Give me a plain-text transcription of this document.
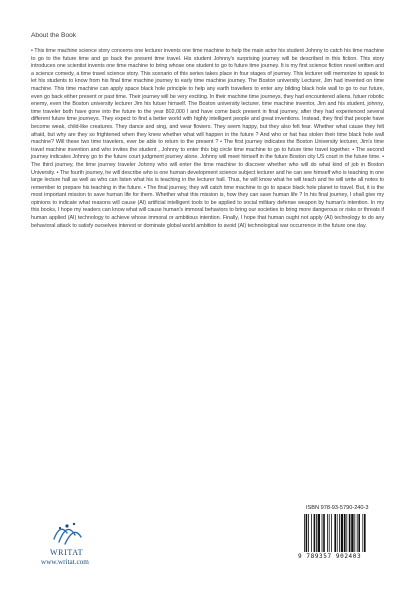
About the Book
• This time machine science story concerns one lecturer invents one time machine to help the main actor his student Johnny to catch his time machine to go to the future time and go back the present time travel. His student Johnny's surprising journey will be described in this fiction. This story introduces one scientist invents one time machine to bring whose one student to go to future time journey. It is my first science fiction novel written and a science comedy, a time travel science story. This scenario of this series takes place in four stages of journey. This lecturer will memorize to speak to let his students to know from his final time machine journey to early time machine journey. The Boston university Lecturer, Jim had invented on time machine. This time machine can apply space black hole principle to help any earth travellers to enter any bilding black hole wall to go to our future, even go back either present or past time. Their journey will be very exciting. In their machine time journeys, they had encountered aliens, futuer robotic enemy, even the Boston university lecturer Jim his futuer himself. The Boston university lecturer, time machine inventor, Jim and his student, johnny, time traveler both have gone into the future to the year 802,000 I and have come back present in final journey, after they had experienced several different future time journeys. They expect to find a better world with highly intelligent people and great inventions. Instead, they find that people have become weak, child-like creatures. They dance and sing, and wear flowers. They seem happy, but they also felt fear. Whether what cause they felt afraid, but why are they so frightened when they knew whether what will happen in the future ? And who or hat has stolen their time black hole wall machine? Will these two time travelers, ever be able to return to the present ? • The first journey indicates the Boston University lecturer, Jim's time travel machine invention and who invites the student , Johnny to enter this big circle time machine to go to future time travel together. • The second journey indicates Johnny go to the future court judgment journey alone. Johnny will meet himself in the future Boston city US court in the future time. • The third journey, the time journey traveler Johnny who will enter the time machine to discover whether who will do what kind of job in Boston University. • The fourth journey, he will describe who is one human development science subject lecturer and he can see himself who is teaching in one large lecture hall as well as who can listen what his is teaching in the lecturer hall. Thus, he will know what he will teach and he will write all notes to remember to prepare his teaching in the future. • The final journey, they will catch time machine to go to space black hole planet to travel. But, it is the most important mission to save human life for them. Whether what this mission is, how they can save human life ? In his final journey, I shall give my opinions to indicate what reasons will cause (AI) artificial intelligent tools to be applied to social military defense weapon by human's intention. In my this books, I hope my readers can know what will cause human's immoral behaviors to bring our societies to bring more dangerous or risks or threats if human applied (AI) technology to achieve whose immoral or ambitious intention. Finally, I hope that human ought not apply (AI) technology to do any behavioral attack to satisfy ourselves interest or dominate global world ambition to avoid (AI) technological war occurrence in the future one day.
ISBN 978-93-5790-240-3
9 789357 902403
WRITAT
www.writat.com
